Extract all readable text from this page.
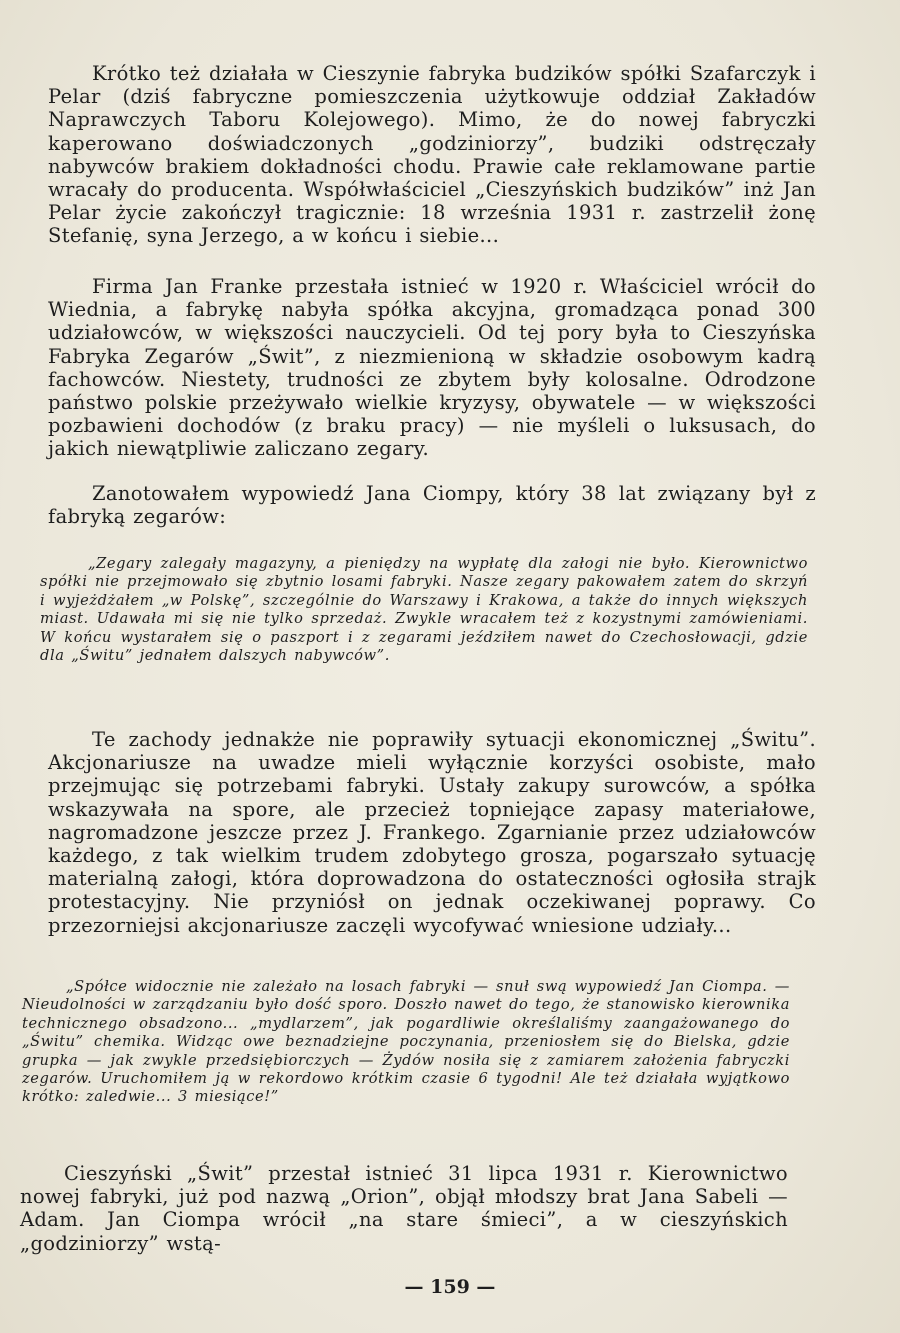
Krótko też działała w Cieszynie fabryka budzików spółki Szafarczyk i Pelar (dziś fabryczne pomieszczenia użytkowuje oddział Zakładów Naprawczych Taboru Kolejowego). Mimo, że do nowej fabryczki kaperowano doświadczonych „godziniorzy”, budziki odstręczały nabywców brakiem dokładności chodu. Prawie całe reklamowane partie wracały do producenta. Współwłaściciel „Cieszyńskich budzików” inż Jan Pelar życie zakończył tragicznie: 18 września 1931 r. zastrzelił żonę Stefanię, syna Jerzego, a w końcu i siebie...

Firma Jan Franke przestała istnieć w 1920 r. Właściciel wrócił do Wiednia, a fabrykę nabyła spółka akcyjna, gromadząca ponad 300 udziałowców, w większości nauczycieli. Od tej pory była to Cieszyńska Fabryka Zegarów „Świt”, z niezmienioną w składzie osobowym kadrą fachowców. Niestety, trudności ze zbytem były kolosalne. Odrodzone państwo polskie przeżywało wielkie kryzysy, obywatele — w większości pozbawieni dochodów (z braku pracy) — nie myśleli o luksusach, do jakich niewątpliwie zaliczano zegary.

Zanotowałem wypowiedź Jana Ciompy, który 38 lat związany był z fabryką zegarów:

„Zegary zalegały magazyny, a pieniędzy na wypłatę dla załogi nie było. Kierownictwo spółki nie przejmowało się zbytnio losami fabryki. Nasze zegary pakowałem zatem do skrzyń i wyjeżdżałem „w Polskę”, szczególnie do Warszawy i Krakowa, a także do innych większych miast. Udawała mi się nie tylko sprzedaż. Zwykle wracałem też z kozystnymi zamówieniami. W końcu wystarałem się o paszport i z zegarami jeździłem nawet do Czechosłowacji, gdzie dla „Świtu” jednałem dalszych nabywców”.

Te zachody jednakże nie poprawiły sytuacji ekonomicznej „Świtu”. Akcjonariusze na uwadze mieli wyłącznie korzyści osobiste, mało przejmując się potrzebami fabryki. Ustały zakupy surowców, a spółka wskazywała na spore, ale przecież topniejące zapasy materiałowe, nagromadzone jeszcze przez J. Frankego. Zgarnianie przez udziałowców każdego, z tak wielkim trudem zdobytego grosza, pogarszało sytuację materialną załogi, która doprowadzona do ostateczności ogłosiła strajk protestacyjny. Nie przyniósł on jednak oczekiwanej poprawy. Co przezorniejsi akcjonariusze zaczęli wycofywać wniesione udziały...

„Spółce widocznie nie zależało na losach fabryki — snuł swą wypowiedź Jan Ciompa. — Nieudolności w zarządzaniu było dość sporo. Doszło nawet do tego, że stanowisko kierownika technicznego obsadzono... „mydlarzem”, jak pogardliwie określaliśmy zaangażowanego do „Świtu” chemika. Widząc owe beznadziejne poczynania, przeniosłem się do Bielska, gdzie grupka — jak zwykle przedsiębiorczych — Żydów nosiła się z zamiarem założenia fabryczki zegarów. Uruchomiłem ją w rekordowo krótkim czasie 6 tygodni! Ale też działała wyjątkowo krótko: zaledwie... 3 miesiące!”

Cieszyński „Świt” przestał istnieć 31 lipca 1931 r. Kierownictwo nowej fabryki, już pod nazwą „Orion”, objął młodszy brat Jana Sabeli — Adam. Jan Ciompa wrócił „na stare śmieci”, a w cieszyńskich „godziniorzy” wstą-

— 159 —
